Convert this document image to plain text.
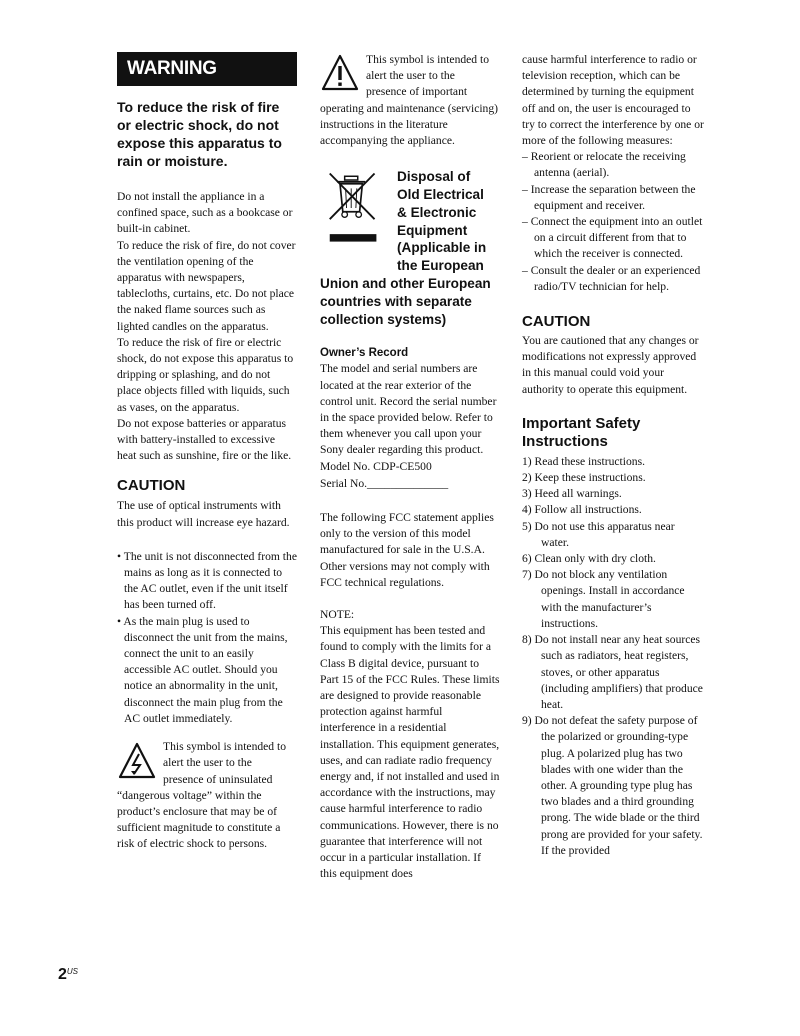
WARNING

To reduce the risk of fire or electric shock, do not expose this apparatus to rain or moisture.

Do not install the appliance in a confined space, such as a bookcase or built-in cabinet.

To reduce the risk of fire, do not cover the ventilation opening of the apparatus with newspapers, tablecloths, curtains, etc. Do not place the naked flame sources such as lighted candles on the apparatus.

To reduce the risk of fire or electric shock, do not expose this apparatus to dripping or splashing, and do not place objects filled with liquids, such as vases, on the apparatus.

Do not expose batteries or apparatus with battery-installed to excessive heat such as sunshine, fire or the like.

CAUTION

The use of optical instruments with this product will increase eye hazard.

• The unit is not disconnected from the mains as long as it is connected to the AC outlet, even if the unit itself has been turned off.
• As the main plug is used to disconnect the unit from the mains, connect the unit to an easily accessible AC outlet. Should you notice an abnormality in the unit, disconnect the main plug from the AC outlet immediately.
This symbol is intended to
alert the user to the
presence of uninsulated

“dangerous voltage” within the product’s enclosure that may be of sufficient magnitude to constitute a risk of electric shock to persons.

This symbol is intended to
alert the user to the
presence of important

operating and maintenance (servicing) instructions in the literature accompanying the appliance.

Disposal of
Old Electrical
& Electronic
Equipment
(Applicable in
the European

Union and other European countries with separate collection systems)

Owner’s Record

The model and serial numbers are located at the rear exterior of the control unit. Record the serial number in the space provided below. Refer to them whenever you call upon your Sony dealer regarding this product.

Model No. CDP-CE500

Serial No.______________

The following FCC statement applies only to the version of this model manufactured for sale in the U.S.A. Other versions may not comply with FCC technical regulations.

NOTE:

This equipment has been tested and found to comply with the limits for a Class B digital device, pursuant to Part 15 of the FCC Rules. These limits are designed to provide reasonable protection against harmful interference in a residential installation. This equipment generates, uses, and can radiate radio frequency energy and, if not installed and used in accordance with the instructions, may cause harmful interference to radio communications. However, there is no guarantee that interference will not occur in a particular installation. If this equipment does

cause harmful interference to radio or television reception, which can be determined by turning the equipment off and on, the user is encouraged to try to correct the interference by one or more of the following measures:

– Reorient or relocate the receiving antenna (aerial).
– Increase the separation between the equipment and receiver.
– Connect the equipment into an outlet on a circuit different from that to which the receiver is connected.
– Consult the dealer or an experienced radio/TV technician for help.
CAUTION

You are cautioned that any changes or modifications not expressly approved in this manual could void your authority to operate this equipment.

Important Safety Instructions
1) Read these instructions.
2) Keep these instructions.
3) Heed all warnings.
4) Follow all instructions.
5) Do not use this apparatus near water.
6) Clean only with dry cloth.
7) Do not block any ventilation openings. Install in accordance with the manufacturer’s instructions.
8) Do not install near any heat sources such as radiators, heat registers, stoves, or other apparatus (including amplifiers) that produce heat.
9) Do not defeat the safety purpose of the polarized or grounding-type plug. A polarized plug has two blades with one wider than the other. A grounding type plug has two blades and a third grounding prong. The wide blade or the third prong are provided for your safety. If the provided
$2^{US}$
